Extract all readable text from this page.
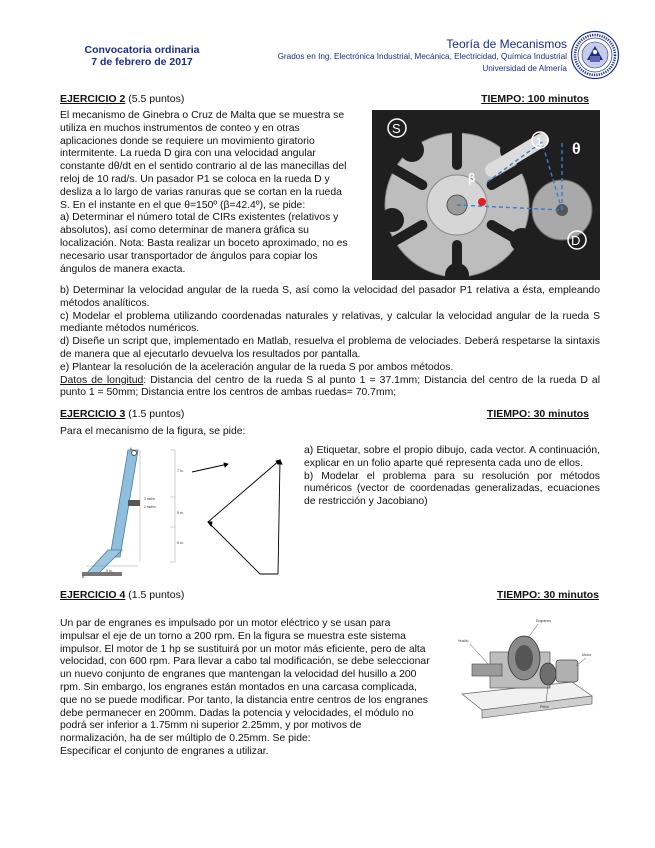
Convocatoria ordinaria
7 de febrero de 2017
Teoría de Mecanismos
Grados en Ing. Electrónica Industrial, Mecánica, Electricidad, Química Industrial
Universidad de Almería
EJERCICIO 2 (5.5 puntos)	TIEMPO: 100 minutos

El mecanismo de Ginebra o Cruz de Malta que se muestra se

utiliza en muchos instrumentos de conteo y en otras

aplicaciones donde se requiere un movimiento giratorio

intermitente. La rueda D gira con una velocidad angular

constante dθ/dt en el sentido contrario al de las manecillas del

reloj de 10 rad/s. Un pasador P1 se coloca en la rueda D y

desliza a lo largo de varias ranuras que se cortan en la rueda

S. En el instante en el que θ=150º (β=42.4º), se pide:

a) Determinar el número total de CIRs existentes (relativos y

absolutos), así como determinar de manera gráfica su

localización. Nota: Basta realizar un boceto aproximado, no es

necesario usar transportador de ángulos para copiar los

ángulos de manera exacta.

S
1 θ
β
D

b) Determinar la velocidad angular de la rueda S, así como la velocidad del pasador P1 relativa a ésta, empleando métodos analíticos.

c) Modelar el problema utilizando coordenadas naturales y relativas, y calcular la velocidad angular de la rueda S mediante métodos numéricos.

d) Diseñe un script que, implementado en Matlab, resuelva el problema de velociades. Deberá respetarse la sintaxis de manera que al ejecutarlo devuelva los resultados por pantalla.

e) Plantear la resolución de la aceleración angular de la rueda S por ambos métodos.

Datos de longitud: Distancia del centro de la rueda S al punto 1 = 37.1mm; Distancia del centro de la rueda D al punto 1 = 50mm; Distancia entre los centros de ambas ruedas= 70.7mm;

EJERCICIO 3 (1.5 puntos)	TIEMPO: 30 minutos
Para el mecanismo de la figura, se pide:
A
B
7 in.
5 in.
5 in.
5 in.
3 rad/s
2 rad/s²

a) Etiquetar, sobre el propio dibujo, cada vector. A continuación, explicar en un folio aparte qué representa cada uno de ellos.

b) Modelar el problema para su resolución por métodos numéricos (vector de coordenadas generalizadas, ecuaciones de restricción y Jacobiano)

EJERCICIO 4 (1.5 puntos)	TIEMPO: 30 minutos

Un par de engranes es impulsado por un motor eléctrico y se usan para

impulsar el eje de un torno a 200 rpm. En la figura se muestra este sistema

impulsor. El motor de 1 hp se sustituirá por un motor más eficiente, pero de alta

velocidad, con 600 rpm. Para llevar a cabo tal modificación, se debe seleccionar

un nuevo conjunto de engranes que mantengan la velocidad del husillo a 200

rpm. Sin embargo, los engranes están montados en una carcasa complicada,

que no se puede modificar. Por tanto, la distancia entre centros de los engranes

debe permanecer en 200mm. Dadas la potencia y velocidades, el módulo no

podrá ser inferior a 1.75mm ni superior 2.25mm, y por motivos de

normalización, ha de ser múltiplo de 0.25mm. Se pide:

Especificar el conjunto de engranes a utilizar.

Engranes
Husillo
Motor
Piñón
